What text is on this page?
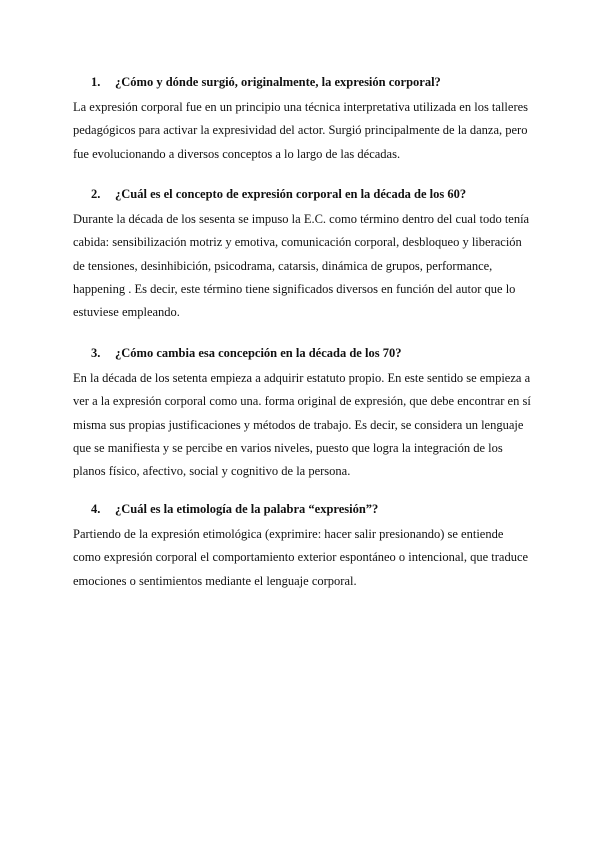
1. ¿Cómo y dónde surgió, originalmente, la expresión corporal?

La expresión corporal fue en un principio una técnica interpretativa utilizada en los talleres pedagógicos para activar la expresividad del actor. Surgió principalmente de la danza, pero fue evolucionando a diversos conceptos a lo largo de las décadas.

2. ¿Cuál es el concepto de expresión corporal en la década de los 60?

Durante la década de los sesenta se impuso la E.C. como término dentro del cual todo tenía cabida: sensibilización motriz y emotiva, comunicación corporal, desbloqueo y liberación de tensiones, desinhibición, psicodrama, catarsis, dinámica de grupos, performance, happening . Es decir, este término tiene significados diversos en función del autor que lo estuviese empleando.

3. ¿Cómo cambia esa concepción en la década de los 70?

En la década de los setenta empieza a adquirir estatuto propio. En este sentido se empieza a ver a la expresión corporal como una. forma original de expresión, que debe encontrar en sí misma sus propias justificaciones y métodos de trabajo. Es decir, se considera un lenguaje que se manifiesta y se percibe en varios niveles, puesto que logra la integración de los planos físico, afectivo, social y cognitivo de la persona.

4. ¿Cuál es la etimología de la palabra “expresión”?

Partiendo de la expresión etimológica (exprimire: hacer salir presionando) se entiende como expresión corporal el comportamiento exterior espontáneo o intencional, que traduce emociones o sentimientos mediante el lenguaje corporal.
